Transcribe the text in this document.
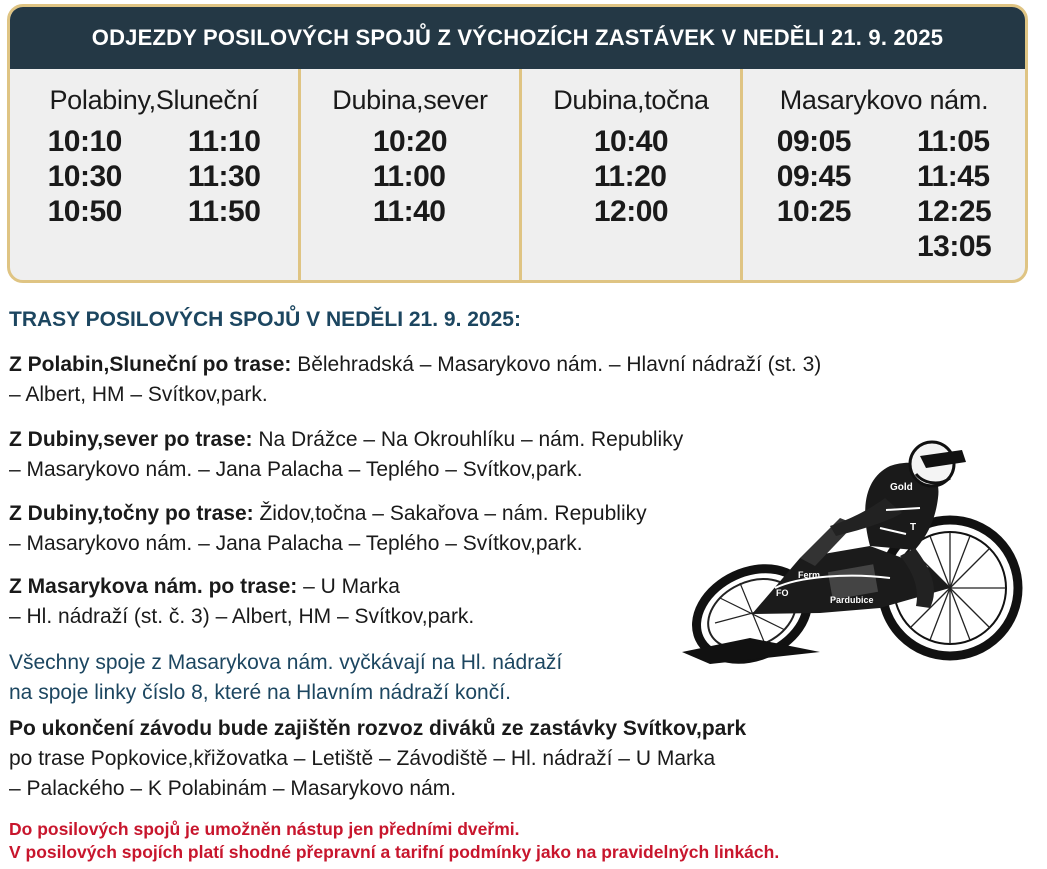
ODJEZDY POSILOVÝCH SPOJŮ Z VÝCHOZÍCH ZASTÁVEK V NEDĚLI 21. 9. 2025
Polabiny,Sluneční
10:10
10:30
10:50
11:10
11:30
11:50
Dubina,sever
10:20
11:00
11:40
Dubina,točna
10:40
11:20
12:00
Masarykovo nám.
09:05
09:45
10:25
11:05
11:45
12:25
13:05
TRASY POSILOVÝCH SPOJŮ V NEDĚLI 21. 9. 2025:
Z Polabin,Sluneční po trase: Bělehradská – Masarykovo nám. – Hlavní nádraží (st. 3)
– Albert, HM – Svítkov,park.
Z Dubiny,sever po trase: Na Drážce – Na Okrouhlíku – nám. Republiky
– Masarykovo nám. – Jana Palacha – Teplého – Svítkov,park.
Z Dubiny,točny po trase: Židov,točna – Sakařova – nám. Republiky
– Masarykovo nám. – Jana Palacha – Teplého – Svítkov,park.
Z Masarykova nám. po trase: – U Marka
– Hl. nádraží (st. č. 3) – Albert, HM – Svítkov,park.
Všechny spoje z Masarykova nám. vyčkávají na Hl. nádraží
na spoje linky číslo 8, které na Hlavním nádraží končí.
Po ukončení závodu bude zajištěn rozvoz diváků ze zastávky Svítkov,park
po trase Popkovice,křižovatka – Letiště – Závodiště – Hl. nádraží – U Marka
– Palackého – K Polabinám – Masarykovo nám.
Do posilových spojů je umožněn nástup jen předními dveřmi.
V posilových spojích platí shodné přepravní a tarifní podmínky jako na pravidelných linkách.
Gold
Ferm
Pardubice
T
FO
